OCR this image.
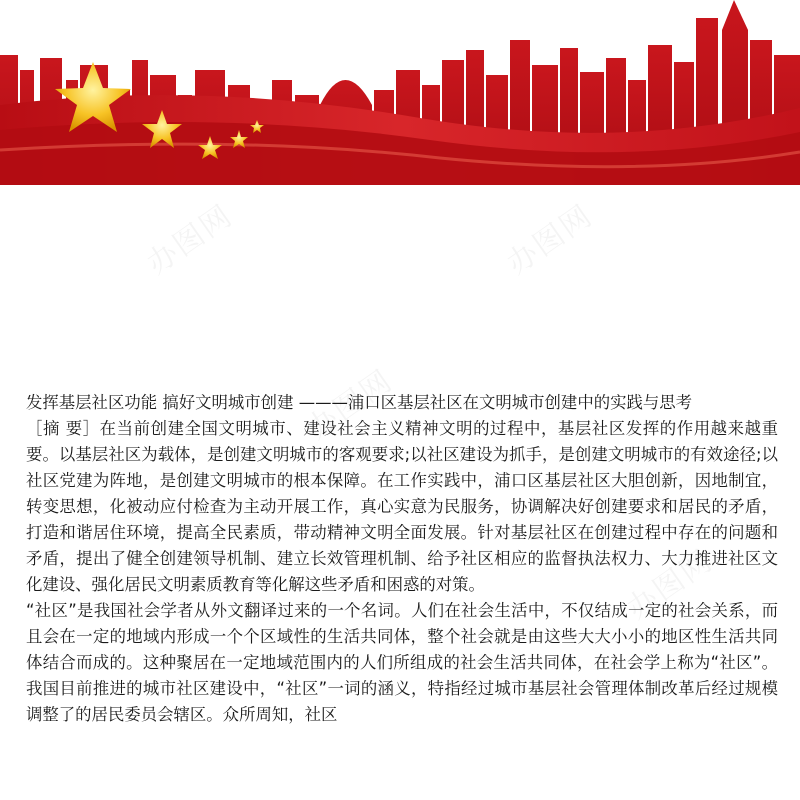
发挥基层社区功能 搞好文明城市创建 ———浦口区基层社区在文明城市创建中的实践与思考

［摘 要］在当前创建全国文明城市、建设社会主义精神文明的过程中，基层社区发挥的作用越来越重要。以基层社区为载体，是创建文明城市的客观要求;以社区建设为抓手，是创建文明城市的有效途径;以社区党建为阵地，是创建文明城市的根本保障。在工作实践中，浦口区基层社区大胆创新，因地制宜，转变思想，化被动应付检查为主动开展工作，真心实意为民服务，协调解决好创建要求和居民的矛盾，打造和谐居住环境，提高全民素质，带动精神文明全面发展。针对基层社区在创建过程中存在的问题和矛盾，提出了健全创建领导机制、建立长效管理机制、给予社区相应的监督执法权力、大力推进社区文化建设、强化居民文明素质教育等化解这些矛盾和困惑的对策。

“社区”是我国社会学者从外文翻译过来的一个名词。人们在社会生活中，不仅结成一定的社会关系，而且会在一定的地域内形成一个个区域性的生活共同体，整个社会就是由这些大大小小的地区性生活共同体结合而成的。这种聚居在一定地域范围内的人们所组成的社会生活共同体，在社会学上称为“社区”。我国目前推进的城市社区建设中，“社区”一词的涵义，特指经过城市基层社会管理体制改革后经过规模调整了的居民委员会辖区。众所周知，社区
